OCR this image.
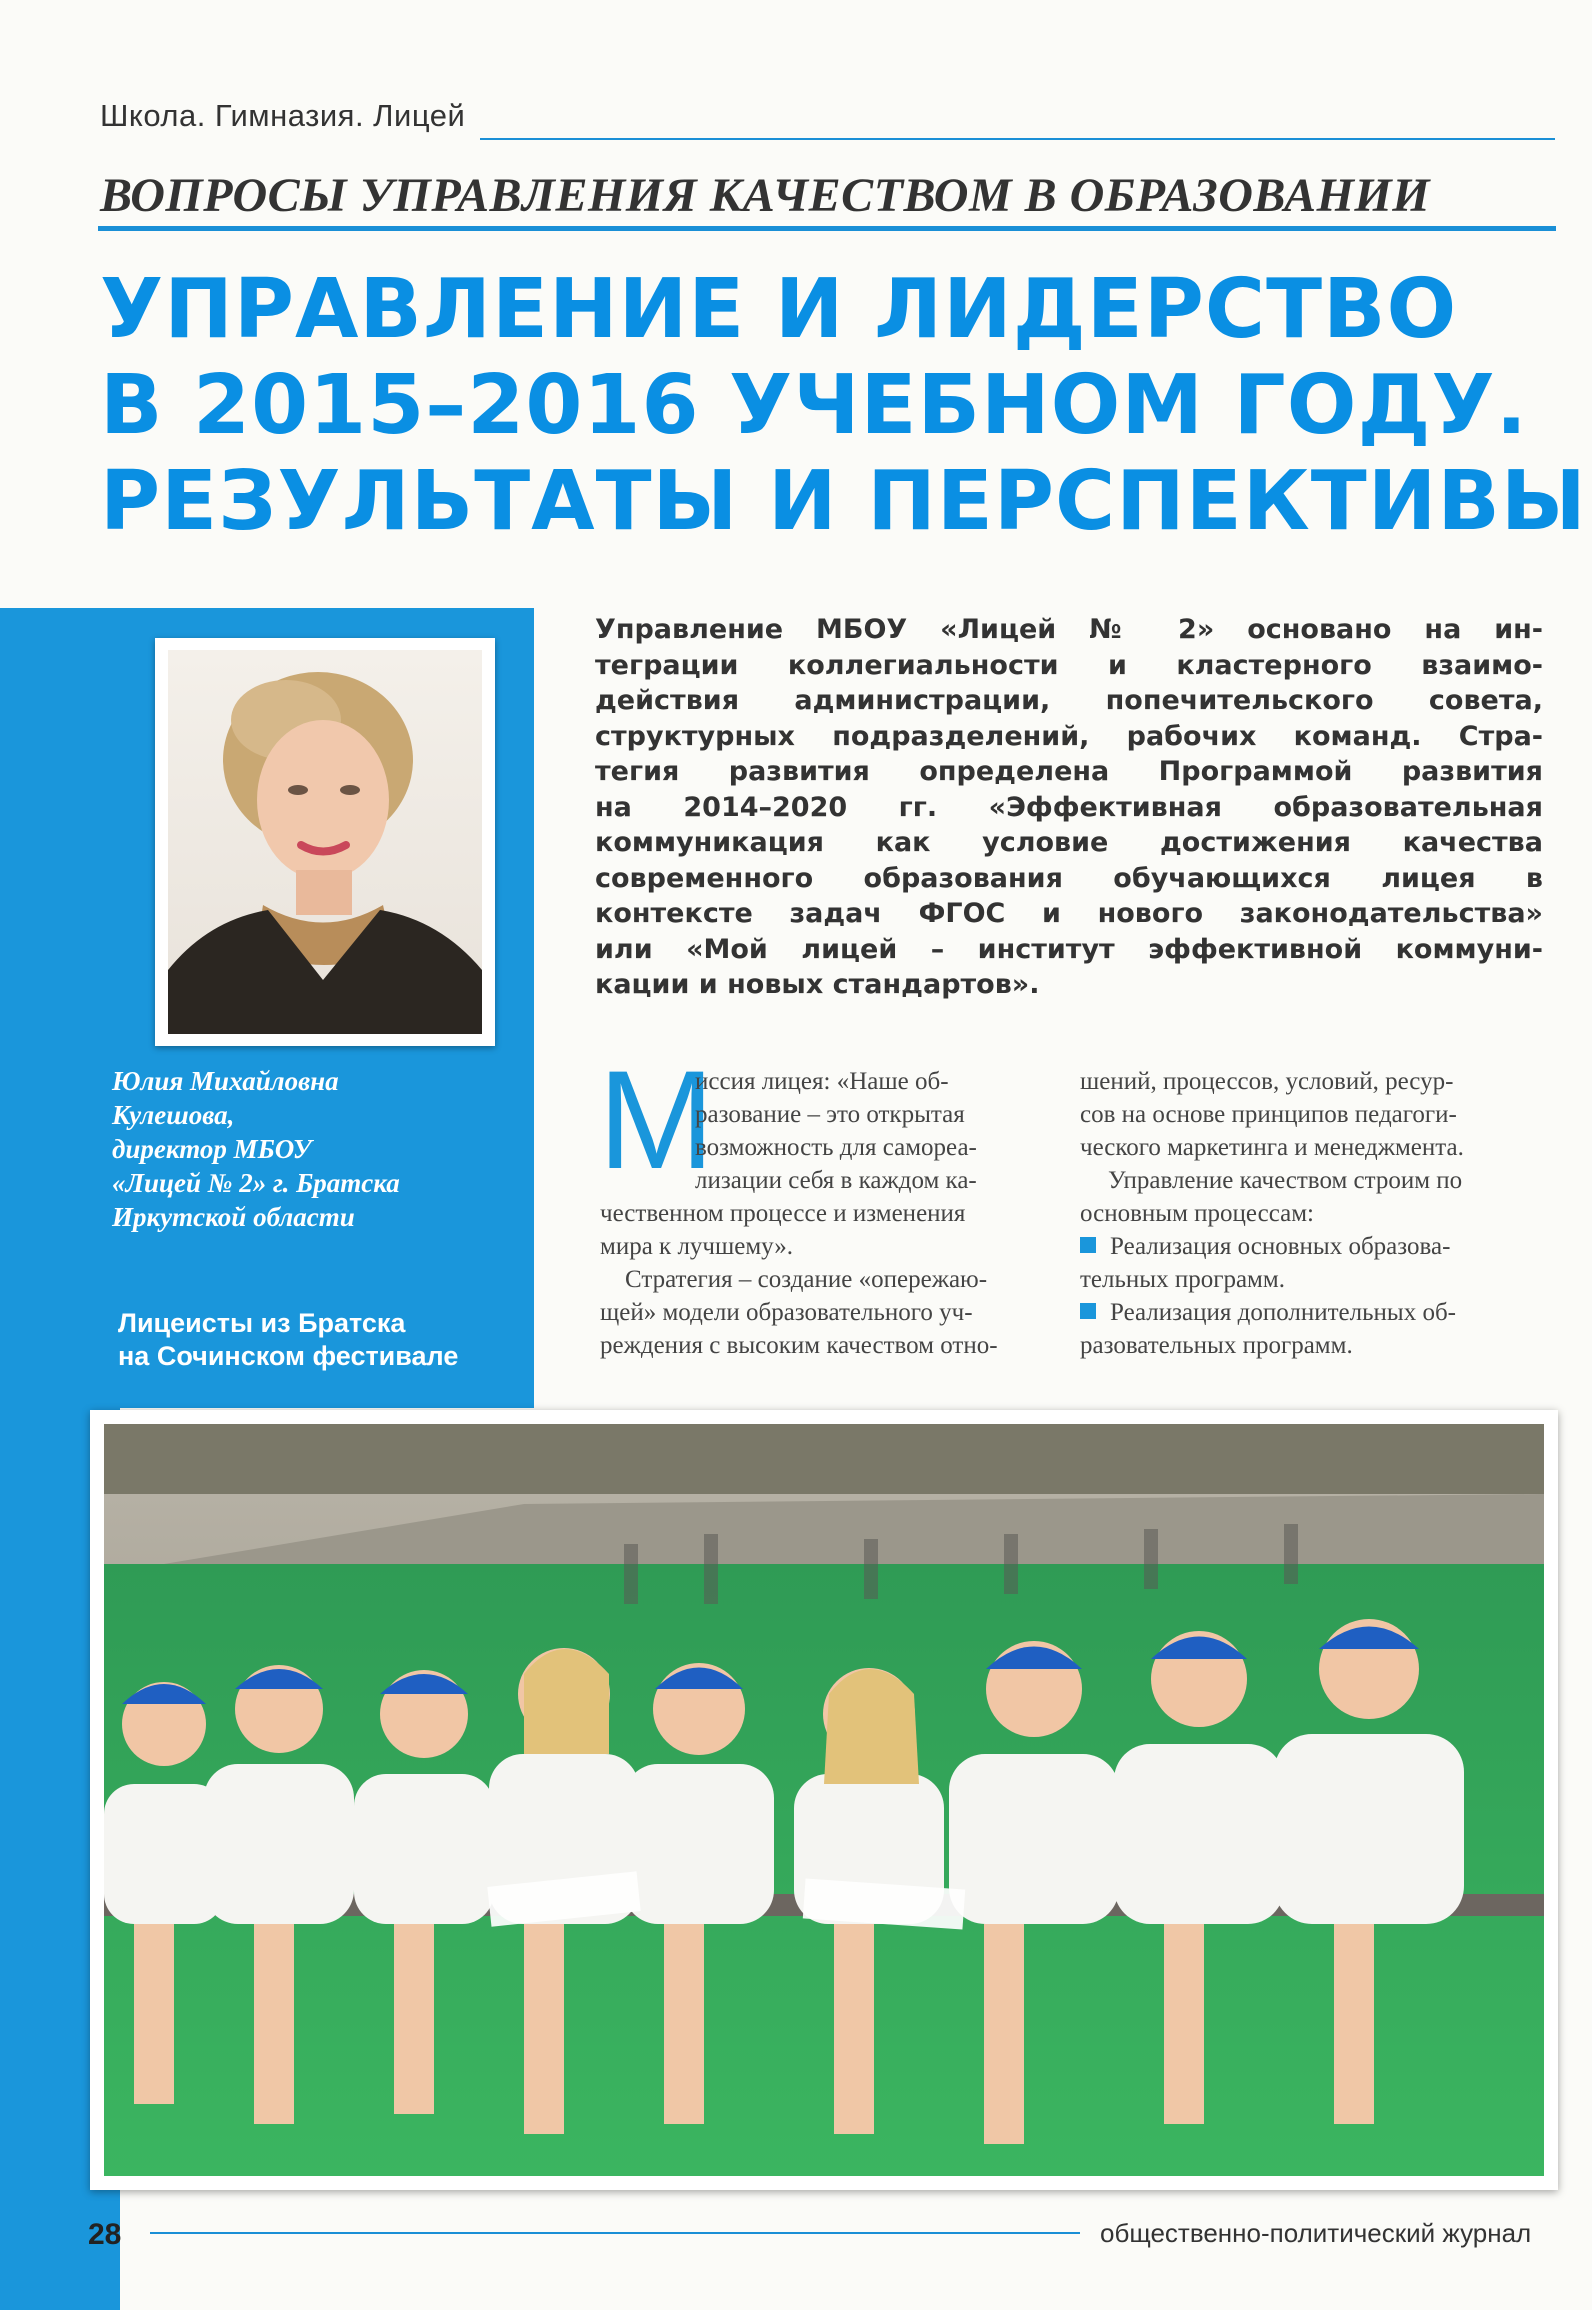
Школа. Гимназия. Лицей
ВОПРОСЫ УПРАВЛЕНИЯ КАЧЕСТВОМ В ОБРАЗОВАНИИ
УПРАВЛЕНИЕ И ЛИДЕРСТВО
В 2015–2016 УЧЕБНОМ ГОДУ.
РЕЗУЛЬТАТЫ И ПЕРСПЕКТИВЫ
Юлия Михайловна
Кулешова,
директор МБОУ
«Лицей № 2» г. Братска
Иркутской области
Лицеисты из Братска
на Сочинском фестивале
Управление МБОУ «Лицей № 2» основано на ин-
теграции коллегиальности и кластерного взаимо-
действия администрации, попечительского совета,
структурных подразделений, рабочих команд. Стра-
тегия развития определена Программой развития
на 2014–2020 гг. «Эффективная образовательная
коммуникация как условие достижения качества
современного образования обучающихся лицея в
контексте задач ФГОС и нового законодательства»
или «Мой лицей – институт эффективной коммуни-
кации и новых стандартов».
М
иссия лицея: «Наше об-
разование – это открытая
возможность для самореа-
лизации себя в каждом ка-
чественном процессе и изменения
мира к лучшему».
Стратегия – создание «опережаю-
щей» модели образовательного уч-
реждения с высоким качеством отно-
шений, процессов, условий, ресур-
сов на основе принципов педагоги-
ческого маркетинга и менеджмента.
Управление качеством строим по
основным процессам:
Реализация основных образова-
тельных программ.
Реализация дополнительных об-
разовательных программ.
28	общественно-политический журнал
